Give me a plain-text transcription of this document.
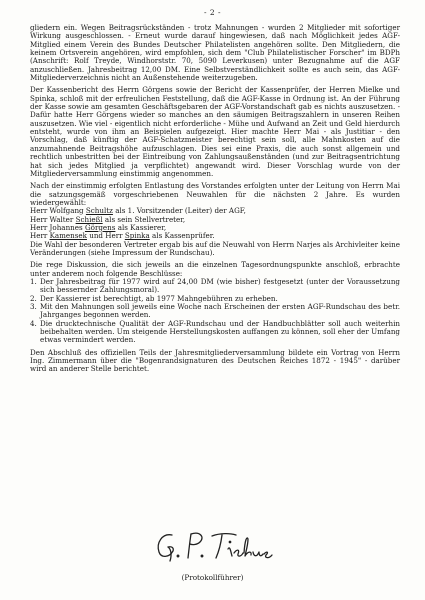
- 2 -

gliedern ein. Wegen Beitragsrückständen - trotz Mahnungen - wurden 2 Mitglieder mit sofortiger Wirkung ausgeschlossen. - Erneut wurde darauf hingewiesen, daß nach Möglichkeit jedes AGF-Mitglied einem Verein des Bundes Deutscher Philatelisten angehören sollte. Den Mitgliedern, die keinem Ortsverein angehören, wird empfohlen, sich dem "Club Philatelistischer Forscher" im BDPh (Anschrift: Rolf Treyde, Windhorststr. 70, 5090 Leverkusen) unter Bezugnahme auf die AGF anzuschließen. Jahresbeitrag 12,00 DM. Eine Selbstverständlichkeit sollte es auch sein, das AGF-Mitgliederverzeichnis nicht an Außenstehende weiterzugeben.

Der Kassenbericht des Herrn Görgens sowie der Bericht der Kassenprüfer, der Herren Mielke und Spinka, schloß mit der erfreulichen Feststellung, daß die AGF-Kasse in Ordnung ist. An der Führung der Kasse sowie am gesamten Geschäftsgebaren der AGF-Vorstandschaft gab es nichts auszusetzen. - Dafür hatte Herr Görgens wieder so manches an den säumigen Beitragszahlern in unseren Reihen auszusetzen. Wie viel - eigentlich nicht erforderliche - Mühe und Aufwand an Zeit und Geld hierdurch entsteht, wurde von ihm an Beispielen aufgezeigt. Hier machte Herr Mai - als Justitiar - den Vorschlag, daß künftig der AGF-Schatzmeister berechtigt sein soll, alle Mahnkosten auf die anzumahnende Beitragshöhe aufzuschlagen. Dies sei eine Praxis, die auch sonst allgemein und rechtlich unbestritten bei der Eintreibung von Zahlungsaußenständen (und zur Beitragsentrichtung hat sich jedes Mitglied ja verpflichtet) angewandt wird. Dieser Vorschlag wurde von der Mitgliederversammlung einstimmig angenommen.

Nach der einstimmig erfolgten Entlastung des Vorstandes erfolgten unter der Leitung von Herrn Mai die satzungsgemäß vorgeschriebenen Neuwahlen für die nächsten 2 Jahre. Es wurden wiedergewählt:

Herr Wolfgang Schultz als 1. Vorsitzender (Leiter) der AGF,
Herr Walter Schießl als sein Stellvertreter,
Herr Johannes Görgens als Kassierer,
Herr Kamensek und Herr Spinka als Kassenprüfer.

Die Wahl der besonderen Vertreter ergab bis auf die Neuwahl von Herrn Narjes als Archivleiter keine Veränderungen (siehe Impressum der Rundschau).

Die rege Diskussion, die sich jeweils an die einzelnen Tagesordnungspunkte anschloß, erbrachte unter anderem noch folgende Beschlüsse:

1. Der Jahresbeitrag für 1977 wird auf 24,00 DM (wie bisher) festgesetzt (unter der Voraussetzung sich bessernder Zahlungsmoral).
2. Der Kassierer ist berechtigt, ab 1977 Mahngebühren zu erheben.
3. Mit den Mahnungen soll jeweils eine Woche nach Erscheinen der ersten AGF-Rundschau des betr. Jahrganges begonnen werden.
4. Die drucktechnische Qualität der AGF-Rundschau und der Handbuchblätter soll auch weiterhin beibehalten werden. Um steigende Herstellungskosten auffangen zu können, soll eher der Umfang etwas vermindert werden.

Den Abschluß des offiziellen Teils der Jahresmitgliederversammlung bildete ein Vortrag von Herrn Ing. Zimmermann über die "Bogenrandsignaturen des Deutschen Reiches 1872 - 1945" - darüber wird an anderer Stelle berichtet.

(Protokollführer)
